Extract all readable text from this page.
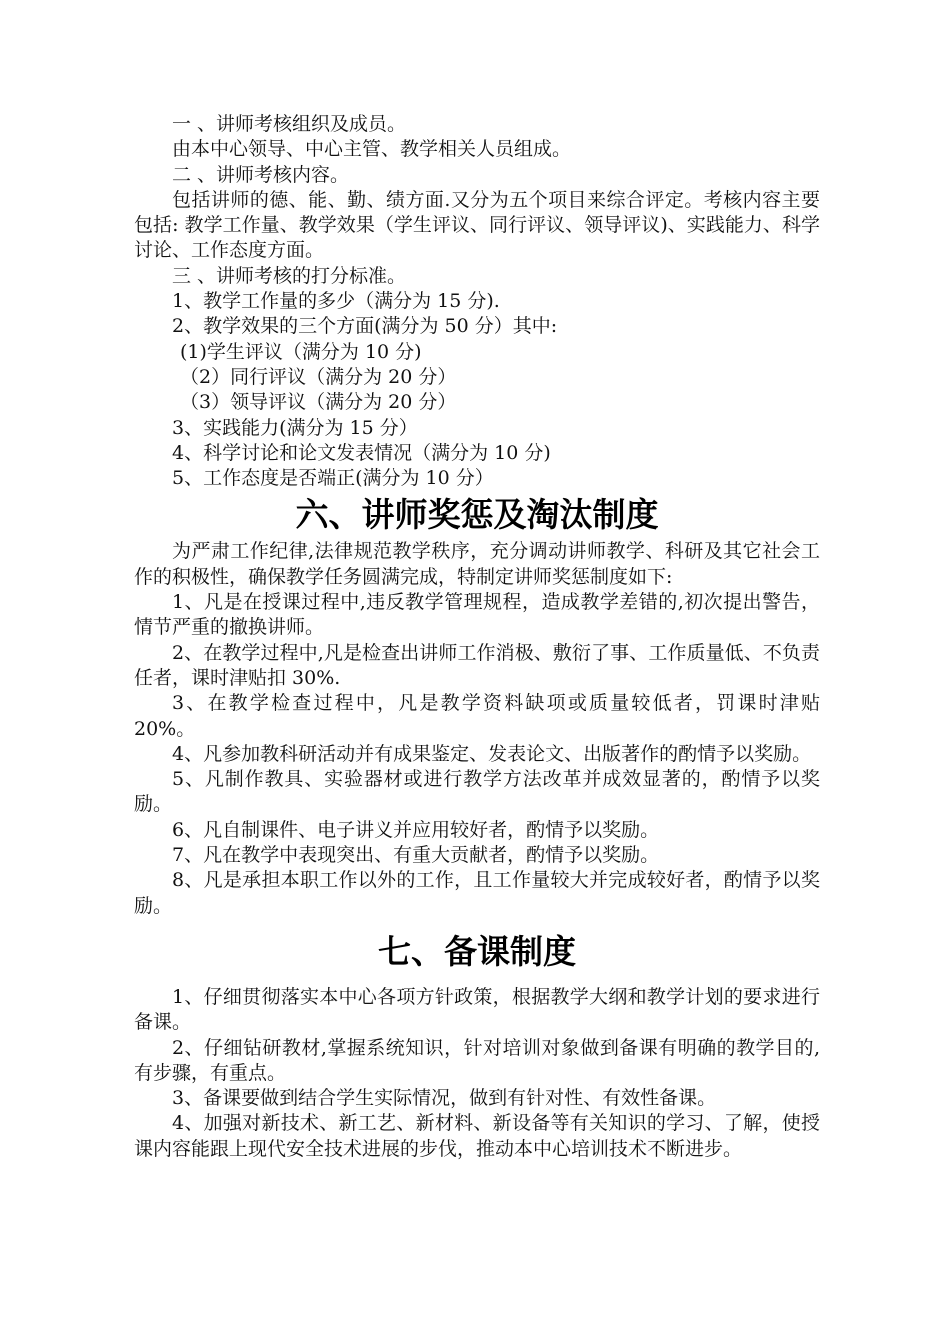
一 、讲师考核组织及成员。

由本中心领导、中心主管、教学相关人员组成。

二 、讲师考核内容。

包括讲师的德、能、勤、绩方面.又分为五个项目来综合评定。考核内容主要包括: 教学工作量、教学效果（学生评议、同行评议、领导评议)、实践能力、科学讨论、工作态度方面。

三 、讲师考核的打分标准。

1、教学工作量的多少（满分为 15 分).

2、教学效果的三个方面(满分为 50 分）其中:

(1)学生评议（满分为 10 分)

（2）同行评议（满分为 20 分）

（3）领导评议（满分为 20 分）

3、实践能力(满分为 15 分）

4、科学讨论和论文发表情况（满分为 10 分)

5、工作态度是否端正(满分为 10 分）

六、讲师奖惩及淘汰制度

为严肃工作纪律,法律规范教学秩序，充分调动讲师教学、科研及其它社会工作的积极性，确保教学任务圆满完成，特制定讲师奖惩制度如下:

1、凡是在授课过程中,违反教学管理规程，造成教学差错的,初次提出警告，情节严重的撤换讲师。

2、在教学过程中,凡是检查出讲师工作消极、敷衍了事、工作质量低、不负责任者，课时津贴扣 30%.

3、在教学检查过程中，凡是教学资料缺项或质量较低者，罚课时津贴 20%。

4、凡参加教科研活动并有成果鉴定、发表论文、出版著作的酌情予以奖励。

5、凡制作教具、实验器材或进行教学方法改革并成效显著的，酌情予以奖励。

6、凡自制课件、电子讲义并应用较好者，酌情予以奖励。

7、凡在教学中表现突出、有重大贡献者，酌情予以奖励。

8、凡是承担本职工作以外的工作，且工作量较大并完成较好者，酌情予以奖励。

七、备课制度

1、仔细贯彻落实本中心各项方针政策，根据教学大纲和教学计划的要求进行备课。

2、仔细钻研教材,掌握系统知识，针对培训对象做到备课有明确的教学目的,有步骤，有重点。

3、备课要做到结合学生实际情况，做到有针对性、有效性备课。

4、加强对新技术、新工艺、新材料、新设备等有关知识的学习、了解，使授课内容能跟上现代安全技术进展的步伐，推动本中心培训技术不断进步。
